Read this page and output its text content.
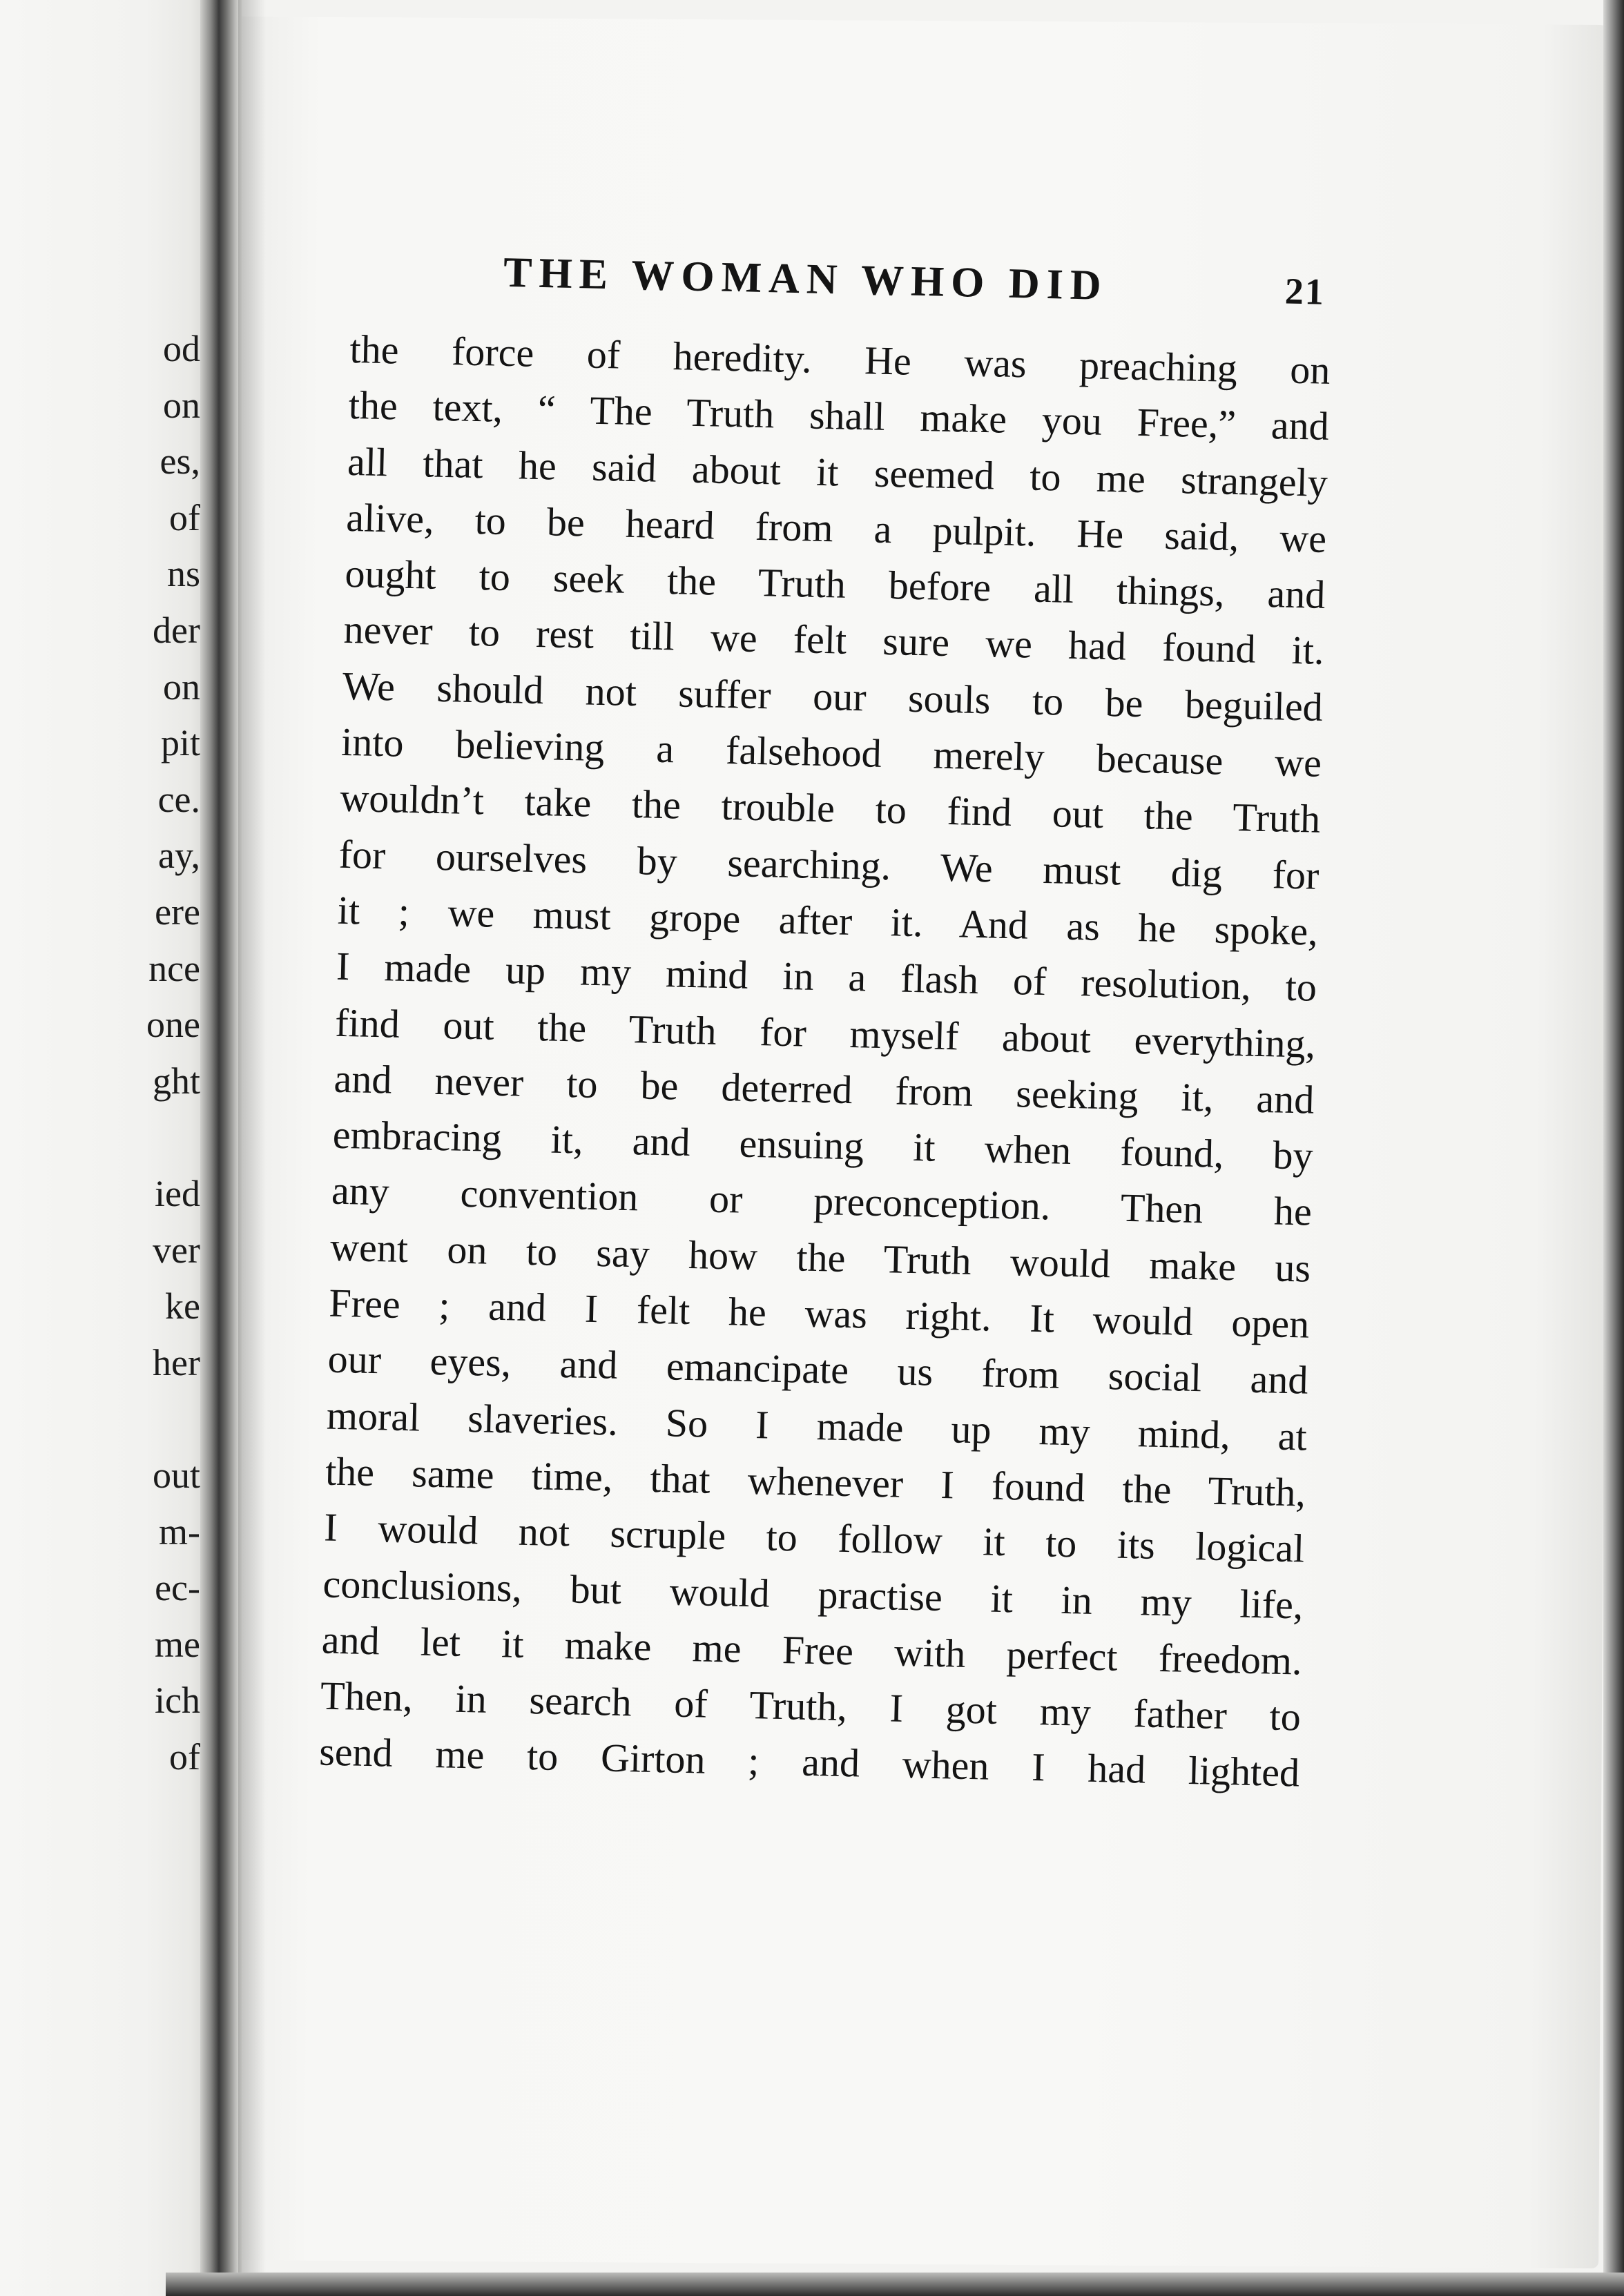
od
on
es,
of
ns
der
on
pit
ce.
ay,
ere
nce
one
ght
ied
ver
ke
her
out
m-
ec-
me
ich
of
THE WOMAN WHO DID	21
the force of heredity. He was preaching on
the text, “ The Truth shall make you Free,” and
all that he said about it seemed to me strangely
alive, to be heard from a pulpit. He said, we
ought to seek the Truth before all things, and
never to rest till we felt sure we had found it.
We should not suffer our souls to be beguiled
into believing a falsehood merely because we
wouldn’t take the trouble to find out the Truth
for ourselves by searching. We must dig for
it ; we must grope after it. And as he spoke,
I made up my mind in a flash of resolution, to
find out the Truth for myself about everything,
and never to be deterred from seeking it, and
embracing it, and ensuing it when found, by
any convention or preconception. Then he
went on to say how the Truth would make us
Free ; and I felt he was right. It would open
our eyes, and emancipate us from social and
moral slaveries. So I made up my mind, at
the same time, that whenever I found the Truth,
I would not scruple to follow it to its logical
conclusions, but would practise it in my life,
and let it make me Free with perfect freedom.
Then, in search of Truth, I got my father to
send me to Girton ; and when I had lighted
